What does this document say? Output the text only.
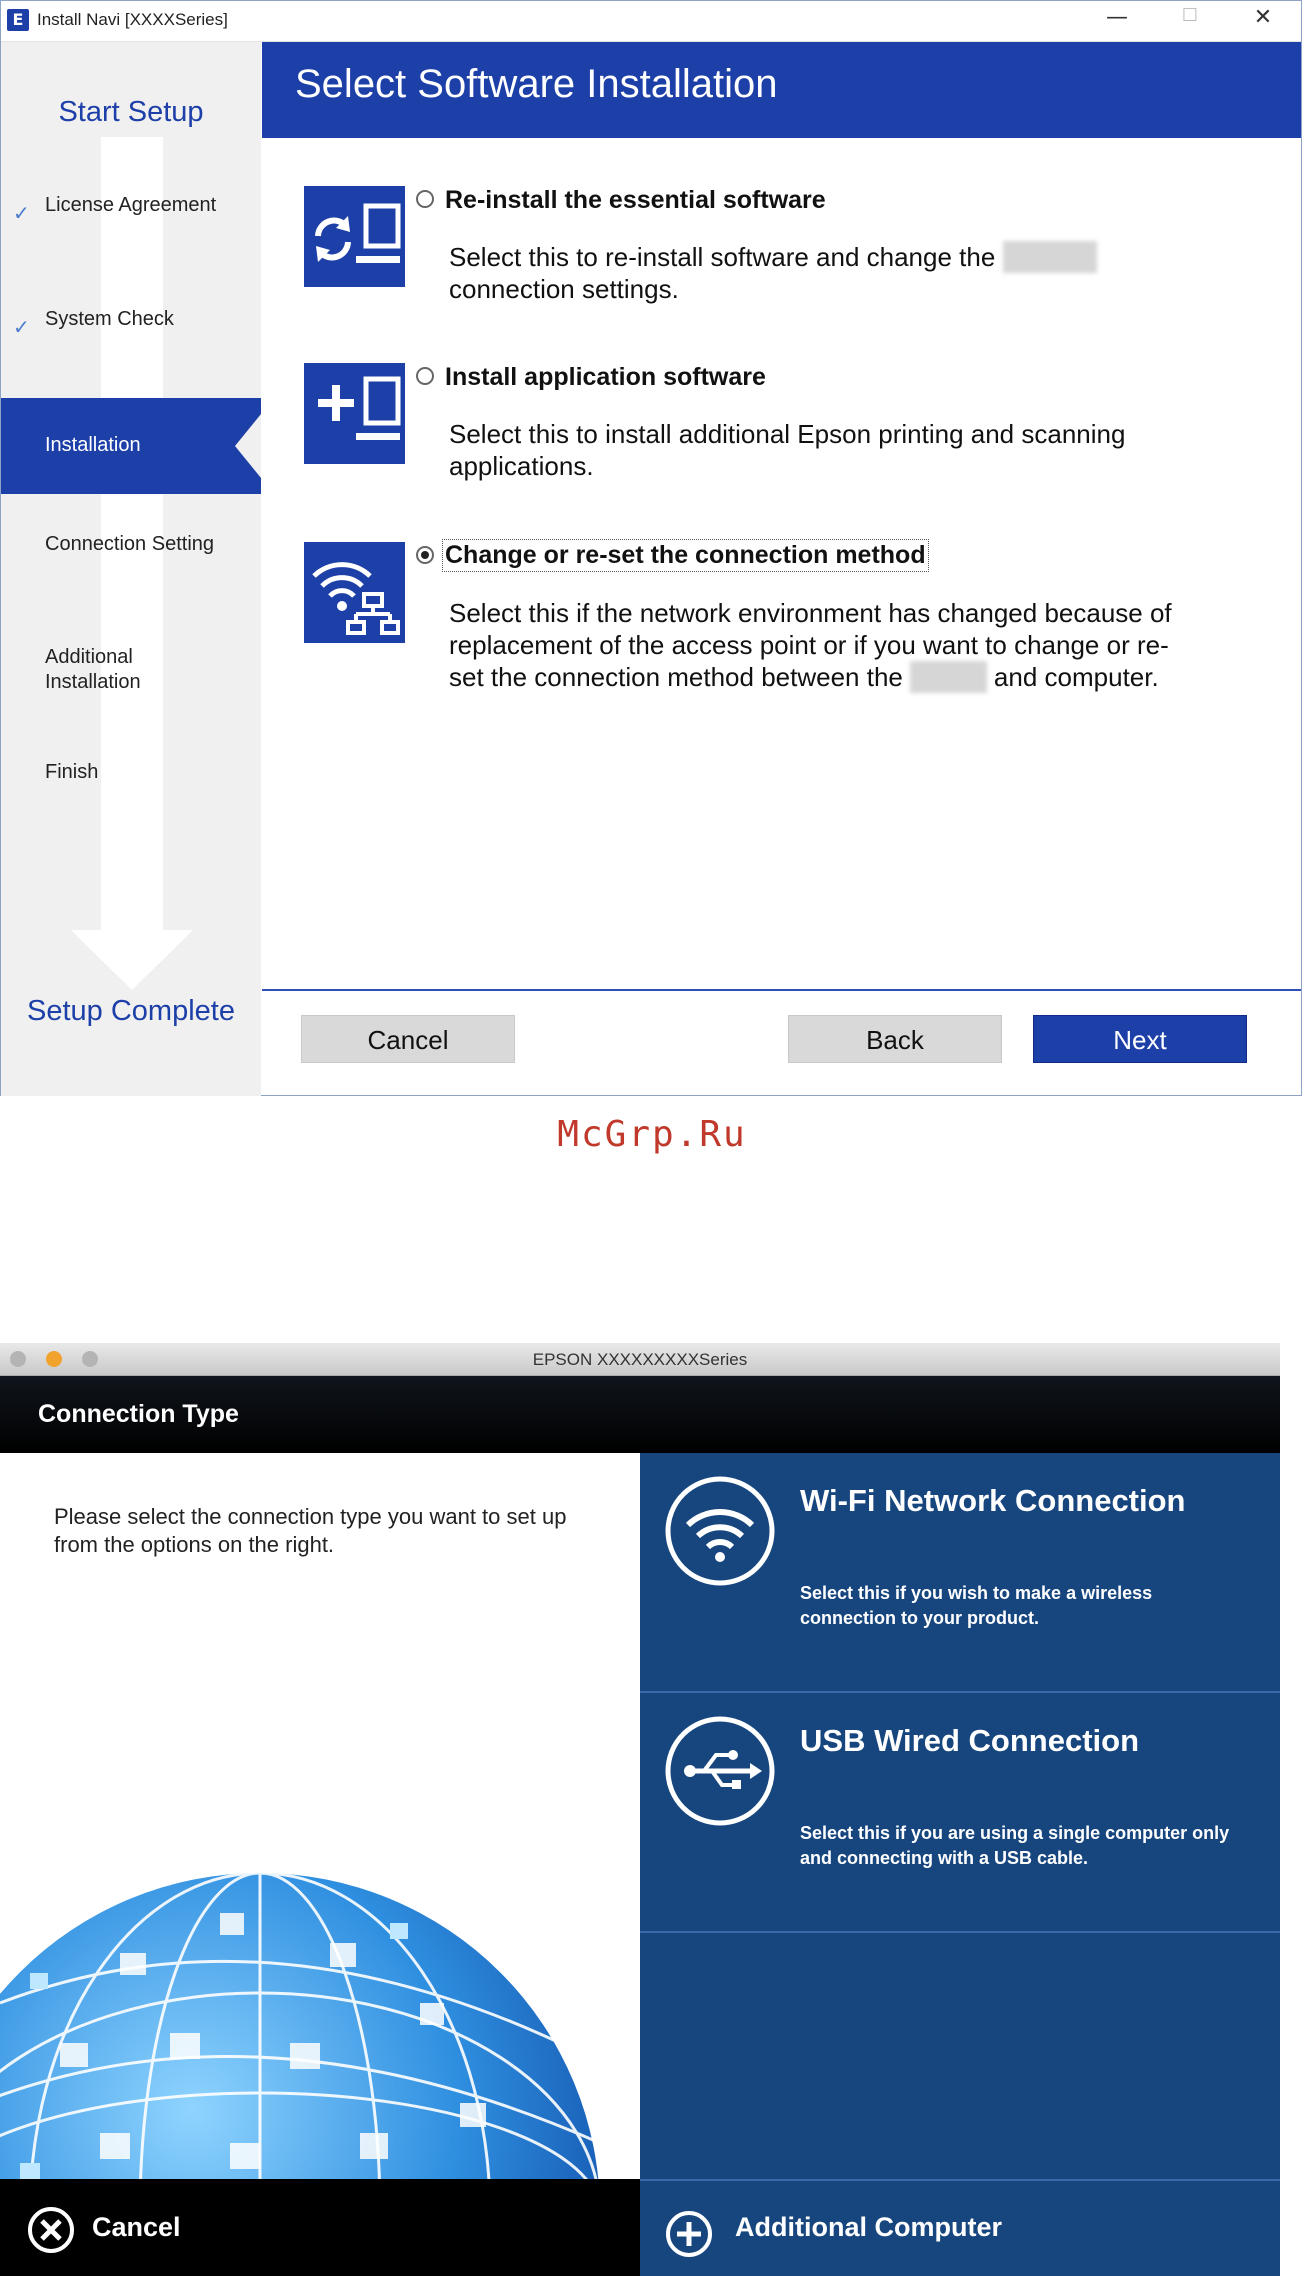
E Install Navi [XXXXSeries]	—	☐	✕
Start Setup
✓ License Agreement
✓ System Check
Installation
Connection Setting
Additional
Installation
Finish
Setup Complete
Select Software Installation
Re-install the essential software
Select this to re-install software and change the  connection settings.
Install application software
Select this to install additional Epson printing and scanning applications.
Change or re-set the connection method
Select this if the network environment has changed because of replacement of the access point or if you want to change or re-set the connection method between the	and computer.
Cancel	Back	Next
McGrp.Ru
EPSON XXXXXXXXXSeries
Connection Type
Please select the connection type you want to set up from the options on the right.
Cancel
Wi-Fi Network Connection
Select this if you wish to make a wireless connection to your product.
USB Wired Connection
Select this if you are using a single computer only and connecting with a USB cable.
Additional Computer
